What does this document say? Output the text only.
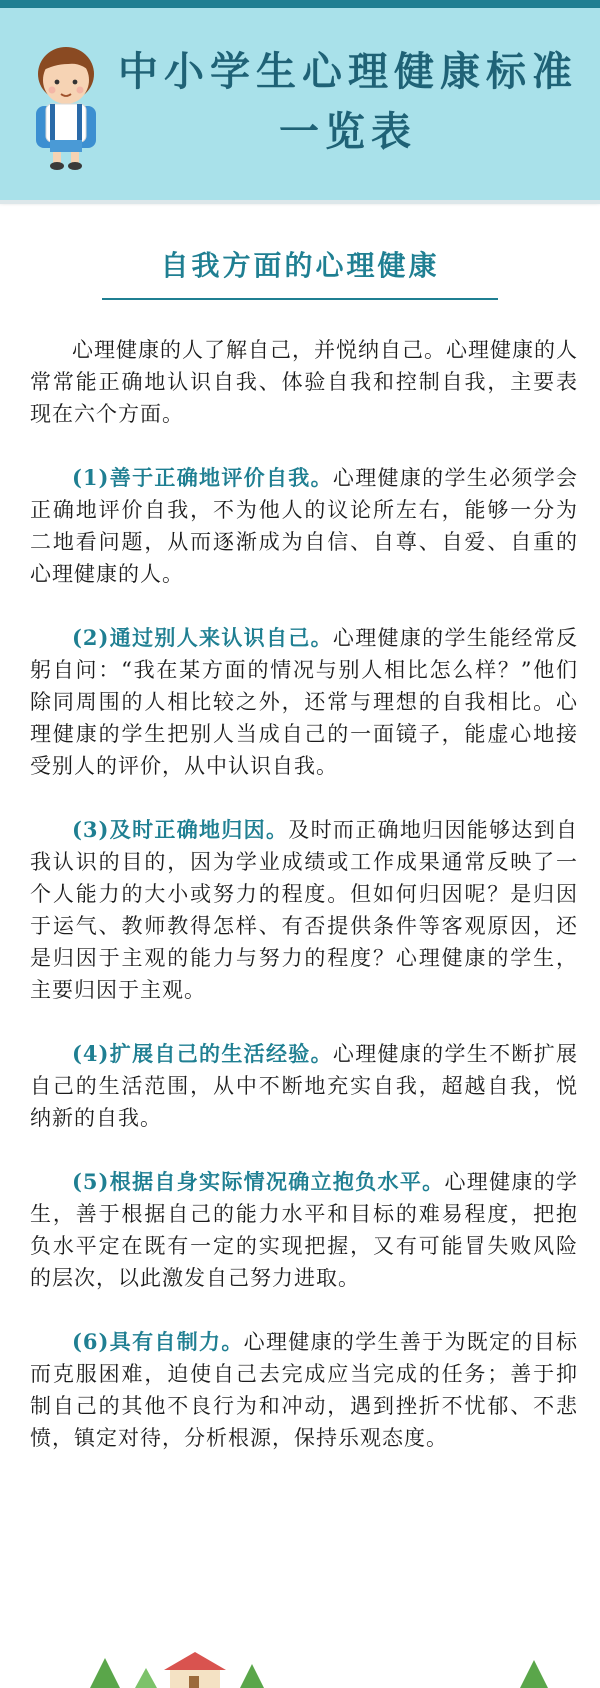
中小学生心理健康标准
一览表
自我方面的心理健康

心理健康的人了解自己，并悦纳自己。心理健康的人常常能正确地认识自我、体验自我和控制自我，主要表现在六个方面。

(1)善于正确地评价自我。心理健康的学生必须学会正确地评价自我，不为他人的议论所左右，能够一分为二地看问题，从而逐渐成为自信、自尊、自爱、自重的心理健康的人。

(2)通过别人来认识自己。心理健康的学生能经常反躬自问：“我在某方面的情况与别人相比怎么样？”他们除同周围的人相比较之外，还常与理想的自我相比。心理健康的学生把别人当成自己的一面镜子，能虚心地接受别人的评价，从中认识自我。

(3)及时正确地归因。及时而正确地归因能够达到自我认识的目的，因为学业成绩或工作成果通常反映了一个人能力的大小或努力的程度。但如何归因呢？是归因于运气、教师教得怎样、有否提供条件等客观原因，还是归因于主观的能力与努力的程度？心理健康的学生，主要归因于主观。

(4)扩展自己的生活经验。心理健康的学生不断扩展自己的生活范围，从中不断地充实自我，超越自我，悦纳新的自我。

(5)根据自身实际情况确立抱负水平。心理健康的学生，善于根据自己的能力水平和目标的难易程度，把抱负水平定在既有一定的实现把握，又有可能冒失败风险的层次，以此激发自己努力进取。

(6)具有自制力。心理健康的学生善于为既定的目标而克服困难，迫使自己去完成应当完成的任务；善于抑制自己的其他不良行为和冲动，遇到挫折不忧郁、不悲愤，镇定对待，分析根源，保持乐观态度。
